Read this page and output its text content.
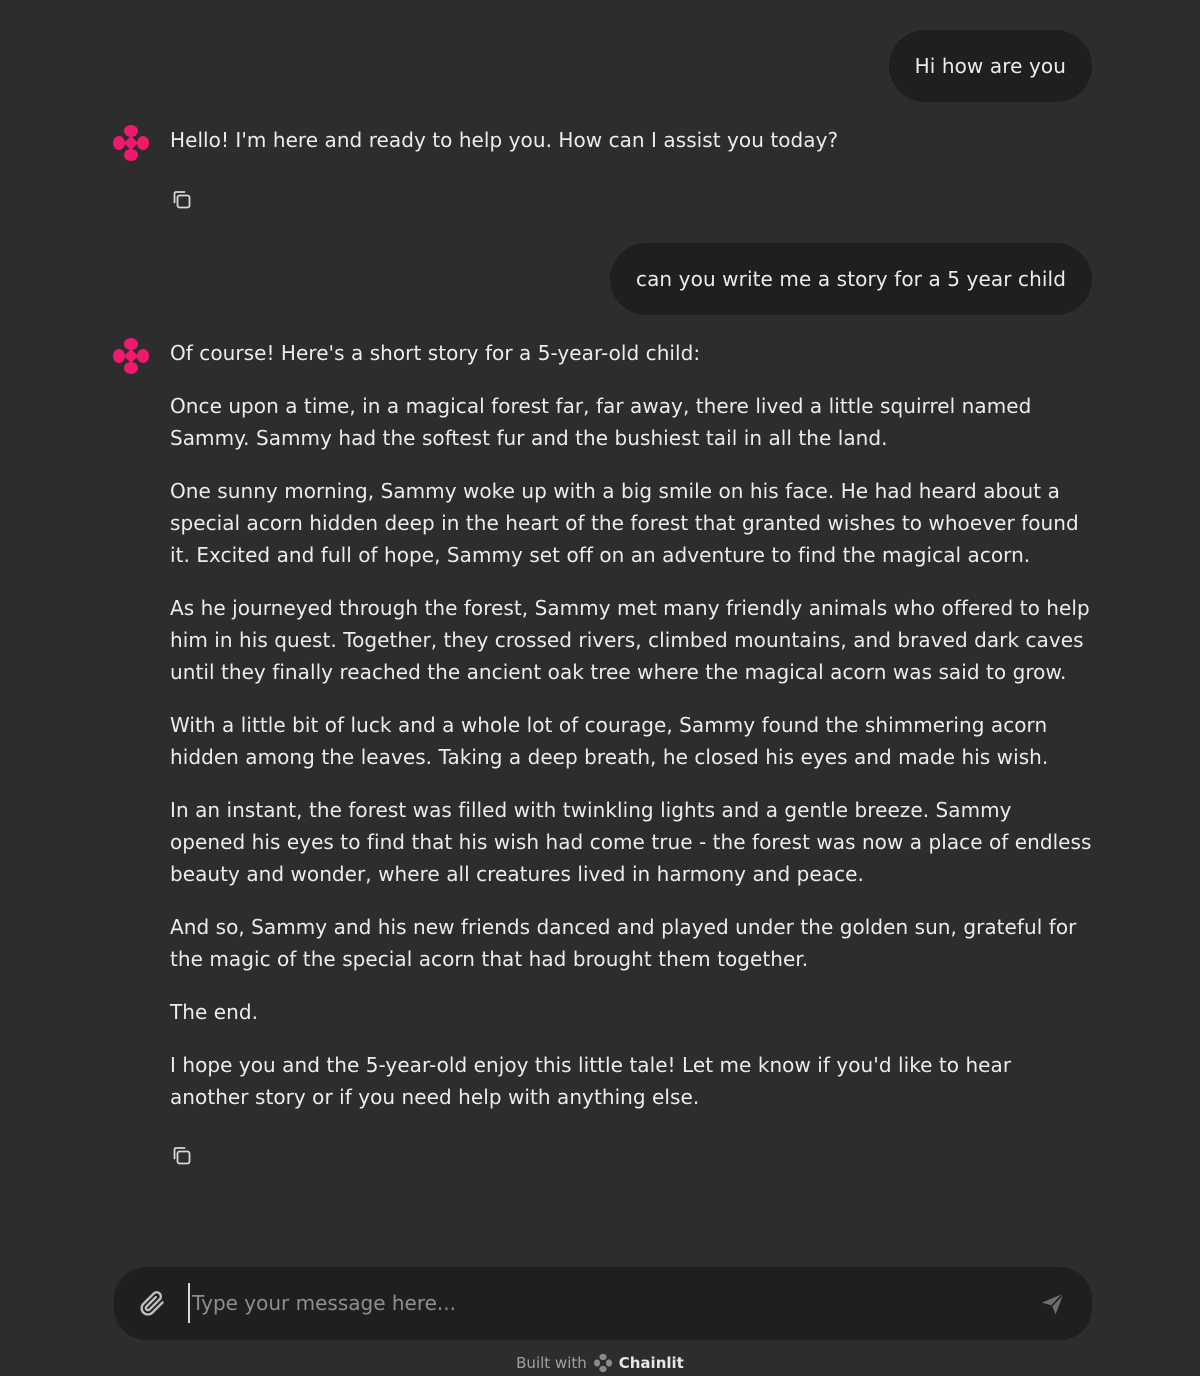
Hi how are you

Hello! I'm here and ready to help you. How can I assist you today?

can you write me a story for a 5 year child

Of course! Here's a short story for a 5-year-old child:

Once upon a time, in a magical forest far, far away, there lived a little squirrel named Sammy. Sammy had the softest fur and the bushiest tail in all the land.

One sunny morning, Sammy woke up with a big smile on his face. He had heard about a special acorn hidden deep in the heart of the forest that granted wishes to whoever found it. Excited and full of hope, Sammy set off on an adventure to find the magical acorn.

As he journeyed through the forest, Sammy met many friendly animals who offered to help him in his quest. Together, they crossed rivers, climbed mountains, and braved dark caves until they finally reached the ancient oak tree where the magical acorn was said to grow.

With a little bit of luck and a whole lot of courage, Sammy found the shimmering acorn hidden among the leaves. Taking a deep breath, he closed his eyes and made his wish.

In an instant, the forest was filled with twinkling lights and a gentle breeze. Sammy opened his eyes to find that his wish had come true - the forest was now a place of endless beauty and wonder, where all creatures lived in harmony and peace.

And so, Sammy and his new friends danced and played under the golden sun, grateful for the magic of the special acorn that had brought them together.

The end.

I hope you and the 5-year-old enjoy this little tale! Let me know if you'd like to hear another story or if you need help with anything else.

Type your message here...
Built with Chainlit
